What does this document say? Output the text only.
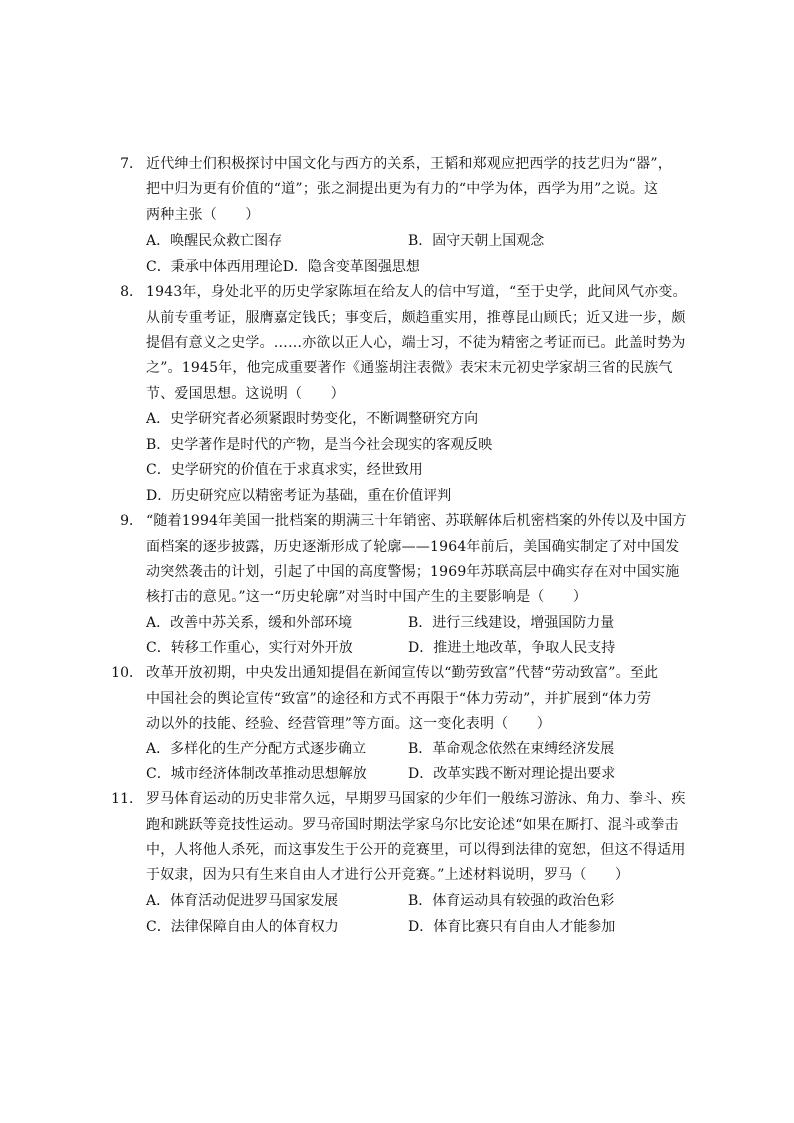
7． 近代绅士们积极探讨中国文化与西方的关系，王韬和郑观应把西学的技艺归为“器”，
把中归为更有价值的“道”；张之洞提出更为有力的“中学为体，西学为用”之说。这
两种主张（　　）
A．唤醒民众救亡图存	B．固守天朝上国观念
C．秉承中体西用理论D．隐含变革图强思想
8． 1943年，身处北平的历史学家陈垣在给友人的信中写道，“至于史学，此间风气亦变。
从前专重考证，服膺嘉定钱氏；事变后，颇趋重实用，推尊昆山顾氏；近又进一步，颇
提倡有意义之史学。……亦欲以正人心，端士习，不徒为精密之考证而已。此盖时势为
之”。1945年，他完成重要著作《通鉴胡注表微》表宋末元初史学家胡三省的民族气
节、爱国思想。这说明（　　）
A．史学研究者必须紧跟时势变化，不断调整研究方向
B．史学著作是时代的产物，是当今社会现实的客观反映
C．史学研究的价值在于求真求实，经世致用
D．历史研究应以精密考证为基础，重在价值评判
9． “随着1994年美国一批档案的期满三十年销密、苏联解体后机密档案的外传以及中国方
面档案的逐步披露，历史逐渐形成了轮廓——1964年前后，美国确实制定了对中国发
动突然袭击的计划，引起了中国的高度警惕；1969年苏联高层中确实存在对中国实施
核打击的意见。”这一“历史轮廓”对当时中国产生的主要影响是（　　）
A．改善中苏关系，缓和外部环境	B．进行三线建设，增强国防力量
C．转移工作重心，实行对外开放	D．推进土地改革，争取人民支持
10． 改革开放初期，中央发出通知提倡在新闻宣传以“勤劳致富”代替“劳动致富”。至此
中国社会的舆论宣传“致富”的途径和方式不再限于“体力劳动”，并扩展到“体力劳
动以外的技能、经验、经营管理”等方面。这一变化表明（　　）
A．多样化的生产分配方式逐步确立	B．革命观念依然在束缚经济发展
C．城市经济体制改革推动思想解放	D．改革实践不断对理论提出要求
11． 罗马体育运动的历史非常久远，早期罗马国家的少年们一般练习游泳、角力、拳斗、疾
跑和跳跃等竞技性运动。罗马帝国时期法学家乌尔比安论述“如果在厮打、混斗或拳击
中，人将他人杀死，而这事发生于公开的竞赛里，可以得到法律的宽恕，但这不得适用
于奴隶，因为只有生来自由人才进行公开竞赛。”上述材料说明，罗马（　　）
A．体育活动促进罗马国家发展	B．体育运动具有较强的政治色彩
C．法律保障自由人的体育权力	D．体育比赛只有自由人才能参加
